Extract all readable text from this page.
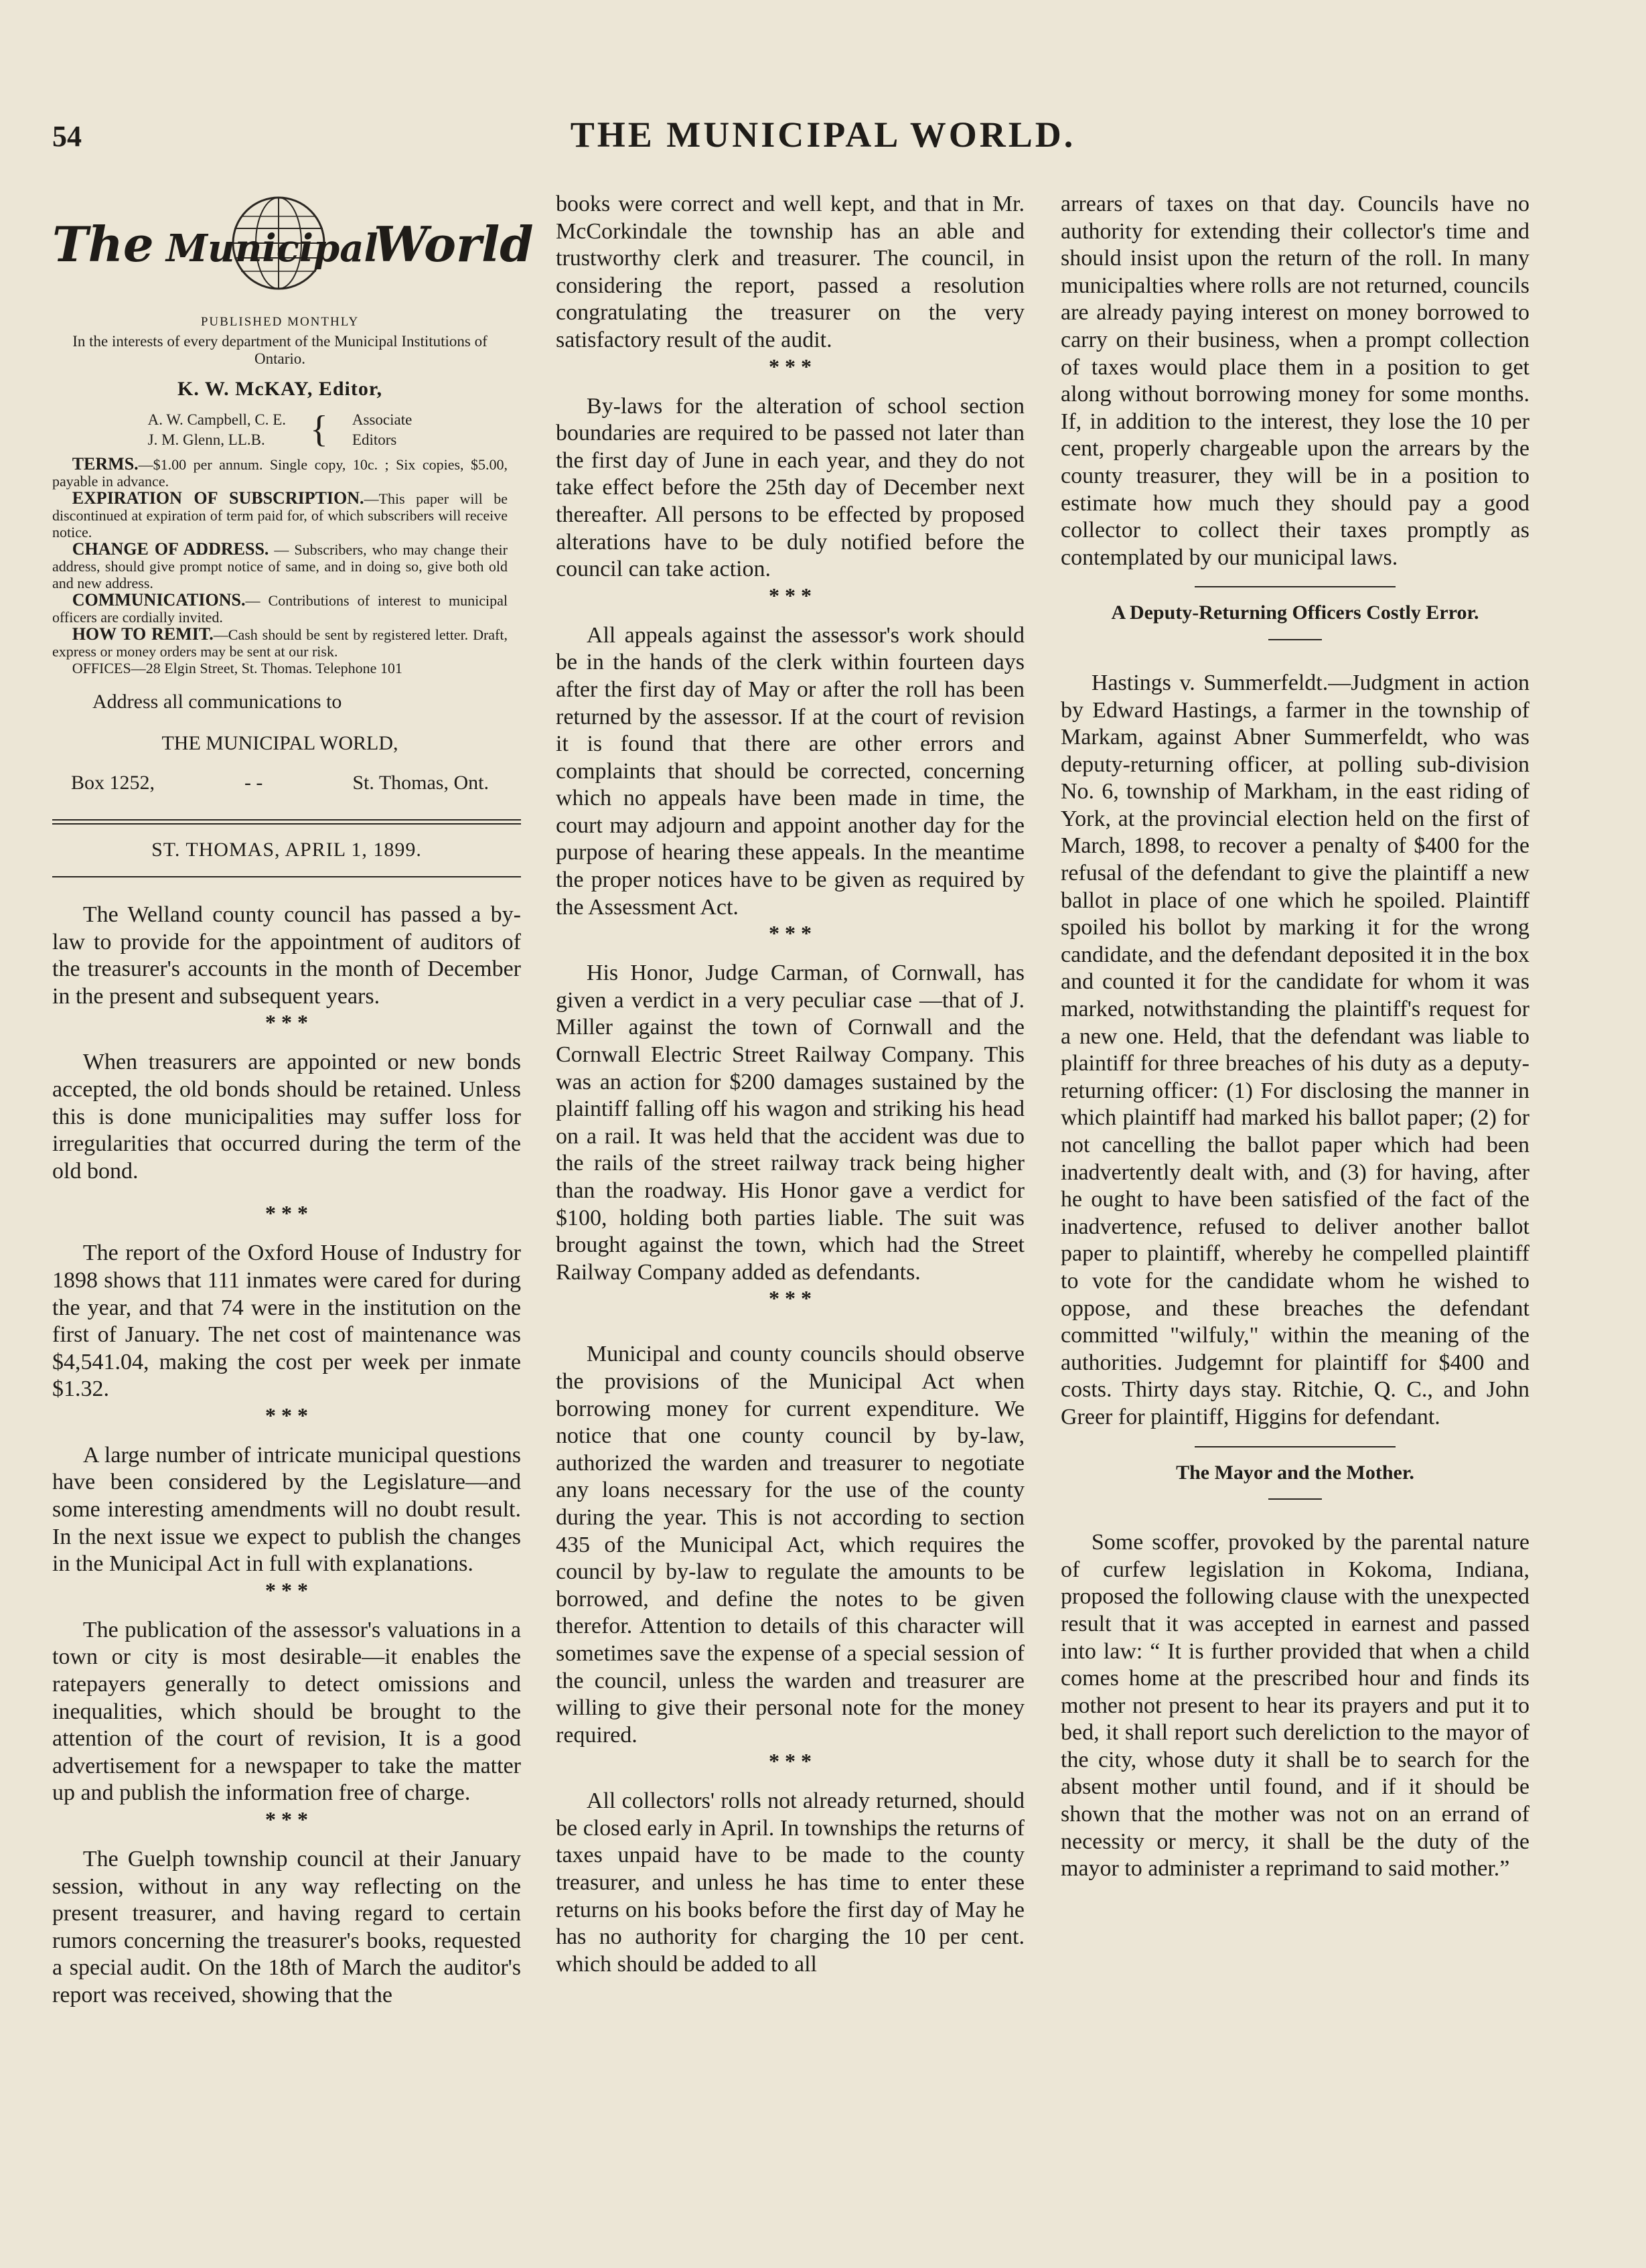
54	THE MUNICIPAL WORLD.
The Municipal
World
PUBLISHED MONTHLY
In the interests of every department of the Municipal Institutions of Ontario.
K. W. McKAY, Editor,
A. W. Campbell, C. E.
J. M. Glenn, LL.B.	{ Associate
Editors

TERMS.—$1.00 per annum. Single copy, 10c. ; Six copies, $5.00, payable in advance.

EXPIRATION OF SUBSCRIPTION.—This paper will be discontinued at expiration of term paid for, of which subscribers will receive notice.

CHANGE OF ADDRESS. — Subscribers, who may change their address, should give prompt notice of same, and in doing so, give both old and new address.

COMMUNICATIONS.— Contributions of interest to municipal officers are cordially invited.

HOW TO REMIT.—Cash should be sent by registered letter. Draft, express or money orders may be sent at our risk.

OFFICES—28 Elgin Street, St. Thomas. Telephone 101

Address all communications to
THE MUNICIPAL WORLD,
Box 1252,	- -	St. Thomas, Ont.
ST. THOMAS, APRIL 1, 1899.

The Welland county council has passed a by-law to provide for the appointment of auditors of the treasurer's accounts in the month of December in the present and subsequent years.

* * *

When treasurers are appointed or new bonds accepted, the old bonds should be retained. Unless this is done municipalities may suffer loss for irregularities that occurred during the term of the old bond.

* * *

The report of the Oxford House of Industry for 1898 shows that 111 inmates were cared for during the year, and that 74 were in the institution on the first of January. The net cost of maintenance was $4,541.04, making the cost per week per inmate $1.32.

* * *

A large number of intricate municipal questions have been considered by the Legislature—and some interesting amendments will no doubt result. In the next issue we expect to publish the changes in the Municipal Act in full with explanations.

* * *

The publication of the assessor's valuations in a town or city is most desirable—it enables the ratepayers generally to detect omissions and inequalities, which should be brought to the attention of the court of revision, It is a good advertisement for a newspaper to take the matter up and publish the information free of charge.

* * *

The Guelph township council at their January session, without in any way reflecting on the present treasurer, and having regard to certain rumors concerning the treasurer's books, requested a special audit. On the 18th of March the auditor's report was received, showing that the

books were correct and well kept, and that in Mr. McCorkindale the township has an able and trustworthy clerk and treasurer. The council, in considering the report, passed a resolution congratulating the treasurer on the very satisfactory result of the audit.

* * *

By-laws for the alteration of school section boundaries are required to be passed not later than the first day of June in each year, and they do not take effect before the 25th day of December next thereafter. All persons to be effected by proposed alterations have to be duly notified before the council can take action.

* * *

All appeals against the assessor's work should be in the hands of the clerk within fourteen days after the first day of May or after the roll has been returned by the assessor. If at the court of revision it is found that there are other errors and complaints that should be corrected, concerning which no appeals have been made in time, the court may adjourn and appoint another day for the purpose of hearing these appeals. In the meantime the proper notices have to be given as required by the Assessment Act.

* * *

His Honor, Judge Carman, of Cornwall, has given a verdict in a very peculiar case —that of J. Miller against the town of Cornwall and the Cornwall Electric Street Railway Company. This was an action for $200 damages sustained by the plaintiff falling off his wagon and striking his head on a rail. It was held that the accident was due to the rails of the street railway track being higher than the roadway. His Honor gave a verdict for $100, holding both parties liable. The suit was brought against the town, which had the Street Railway Company added as defendants.

* * *

Municipal and county councils should observe the provisions of the Municipal Act when borrowing money for current expenditure. We notice that one county council by by-law, authorized the warden and treasurer to negotiate any loans necessary for the use of the county during the year. This is not according to section 435 of the Municipal Act, which requires the council by by-law to regulate the amounts to be borrowed, and define the notes to be given therefor. Attention to details of this character will sometimes save the expense of a special session of the council, unless the warden and treasurer are willing to give their personal note for the money required.

* * *

All collectors' rolls not already returned, should be closed early in April. In townships the returns of taxes unpaid have to be made to the county treasurer, and unless he has time to enter these returns on his books before the first day of May he has no authority for charging the 10 per cent. which should be added to all

arrears of taxes on that day. Councils have no authority for extending their collector's time and should insist upon the return of the roll. In many municipalties where rolls are not returned, councils are already paying interest on money borrowed to carry on their business, when a prompt collection of taxes would place them in a position to get along without borrowing money for some months. If, in addition to the interest, they lose the 10 per cent, properly chargeable upon the arrears by the county treasurer, they will be in a position to estimate how much they should pay a good collector to collect their taxes promptly as contemplated by our municipal laws.

A Deputy-Returning Officers Costly Error.

Hastings v. Summerfeldt.—Judgment in action by Edward Hastings, a farmer in the township of Markam, against Abner Summerfeldt, who was deputy-returning officer, at polling sub-division No. 6, township of Markham, in the east riding of York, at the provincial election held on the first of March, 1898, to recover a penalty of $400 for the refusal of the defendant to give the plaintiff a new ballot in place of one which he spoiled. Plaintiff spoiled his bollot by marking it for the wrong candidate, and the defendant deposited it in the box and counted it for the candidate for whom it was marked, notwithstanding the plaintiff's request for a new one. Held, that the defendant was liable to plaintiff for three breaches of his duty as a deputy-returning officer: (1) For disclosing the manner in which plaintiff had marked his ballot paper; (2) for not cancelling the ballot paper which had been inadvertently dealt with, and (3) for having, after he ought to have been satisfied of the fact of the inadvertence, refused to deliver another ballot paper to plaintiff, whereby he compelled plaintiff to vote for the candidate whom he wished to oppose, and these breaches the defendant committed "wilfuly," within the meaning of the authorities. Judgemnt for plaintiff for $400 and costs. Thirty days stay. Ritchie, Q. C., and John Greer for plaintiff, Higgins for defendant.

The Mayor and the Mother.

Some scoffer, provoked by the parental nature of curfew legislation in Kokoma, Indiana, proposed the following clause with the unexpected result that it was accepted in earnest and passed into law: “ It is further provided that when a child comes home at the prescribed hour and finds its mother not present to hear its prayers and put it to bed, it shall report such dereliction to the mayor of the city, whose duty it shall be to search for the absent mother until found, and if it should be shown that the mother was not on an errand of necessity or mercy, it shall be the duty of the mayor to administer a reprimand to said mother.”
